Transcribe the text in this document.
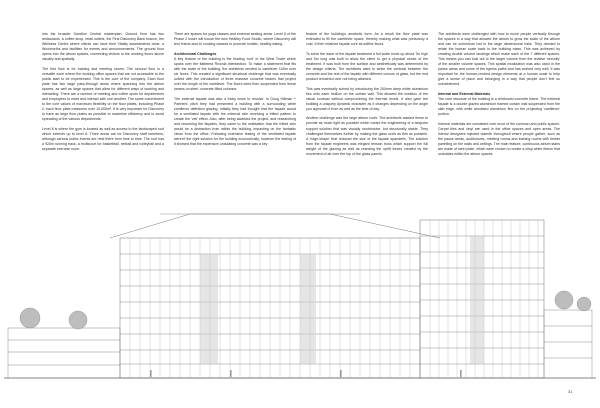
into the broader Sandton Central masterplan. Ground floor has two restaurants, a coffee shop, retail outlets, the First Discovery Bank branch, the Wellness Centre where clients can have their Vitality assessments done, a Woolworths and facilities for events and announcements. The ground floor opens into the atrium spaces, connecting visitors to the working floors above visually and spatially.

The first floor is for training and meeting rooms. The second floor is a versatile zone where the working office spaces that are not accessible to the public start to be experienced. This is the core of the company. Each floor plate has two large pass-through areas where spanning into the atrium spaces, as well as large spaces that allow for different ways of working and interacting. There are a number of meeting and coffee spots for departments and employees to meet and interact with one another. The same commitment to the core values of maximum flexibility on the floor plates, including Phase 2, each floor plate measures over 10,000m², it is very important for Discovery to have as large floor plates as possible to maximise efficiency and to avoid spreading of the various departments.

Level 8 is where the gym is located as well as access to the landscaped roof which extends up to level 6. Three areas are for Discovery staff members, although various public events are held there from time to time. The roof has a 920m running track, a multicourt for basketball, netball and volleyball and a separate exercise room.

There are spaces for yoga classes and external seating areas. Level 8 of the Phase 2 tower will house the new Healthy Food Studio, where Discovery will test 'frame-and-hi' cooking classes to promote holistic, healthy eating.

Architectural Challenges

A key feature of the building is the floating 'roof' of the West Tower which spans over the flattened Rivonia intersection. To make a statement that fits with the scale of the building, the architects needed to cantilever 100m over six floors. This created a significant structural challenge that was eventually solved with the introduction of three massive concrete beams that project over the length of the cantilever. The floors were then suspended from these beams on steel, concrete-filled columns.

The external façade was also a tricky issue to resolve. In Doug Hillman + Partners' pitch they had presented a building with a surrounding white cantilever definition glazing. Initially they had thought that the façade would be a ventilated façade with the external skin receiving a fritted pattern to create the 'veil' effect. Also, after being awarded the project, and researching and reworking the façades, they came to the realisation that the fritted skin would be a distraction from within the building, impacting on the fantastic views from the office. Following extensive testing of the ventilated façade weren't the right solution for the building economically, however the testing of it showed that the expensive undulating concrete was a key

feature of the building's aesthetic form. As a result the floor plate was extended to fill the cantilever space, thereby making what was previously a void. It then retained façade core as edifice floors.

To solve the issue of the façade treatment a full scale mock up about 7m high and 5m long was built to allow the client to get a physical sense of the treatment. It was built from the surface and aesthetically was determined by the design criteria. The architects want to strike the contrast between the concrete and the rest of the façade with different colours of glass, but the end product remained over not being attained.

This was eventually solved by introducing the 200mm deep white aluminium fins onto each mullion on the curtain wall. This allowed the creation of the visual contrast without compromising the thermal levels. It also gave the building a uniquely dynamic character as it changes depending on the angle you approach it from as well as the time of day.

Another challenge was the large atrium roofs. The architects wanted these to provide as much light as possible which meant the engineering of a bespoke support solution that was visually unobtrusive, but structurally stable. They challenged themselves further by making the glass roofs as thin as possible. A 'ridge-shape' that reduced the size of the façade spandrels. The solution from the façade engineers was elegant tension truss which support the full weight of the glazing as well as resisting the uplift forces created by the movement of air over the top of the glass panels.

The architects were challenged with how to move people vertically through the spaces in a way that allowed the atrium to grow the scale of the atrium and can be somewhat lost in the large dimensional halls. They needed to relate the human scale back to the building mass. This was achieved by creating double volume landings which make each of the 7 different spaces. This means you can look out to the larger volume from the relative 'security' of the smaller volume spaces. This spatial modulation was also used in the pause areas and some of the egress paths and has worked very well. It was important for the human-centred design elements at a human scale to help give a sense of place and belonging in a way that people don't feel so overwhelmed.

Internal and External Materials

The core structure of the building is a reinforced concrete frame. The external façade is a double glazed aluminium framed curtain wall suspended from the slab edge, with white anodised aluminium fins on the projecting 'cantilever' portion.

Internal materials are consistent over most of the common and public spaces. Carpet tiles and vinyl are used in the office spaces and open areas. The interior designers injected warmth throughout where people gather, such as the pause areas, auditoriums, meeting rooms and training rooms with timber panelling on the walls and ceilings. The main feature, continuous atrium stairs are made of steel plate, which were chosen to create a crisp white ribbon that undulates within the atrium spaces.

31
